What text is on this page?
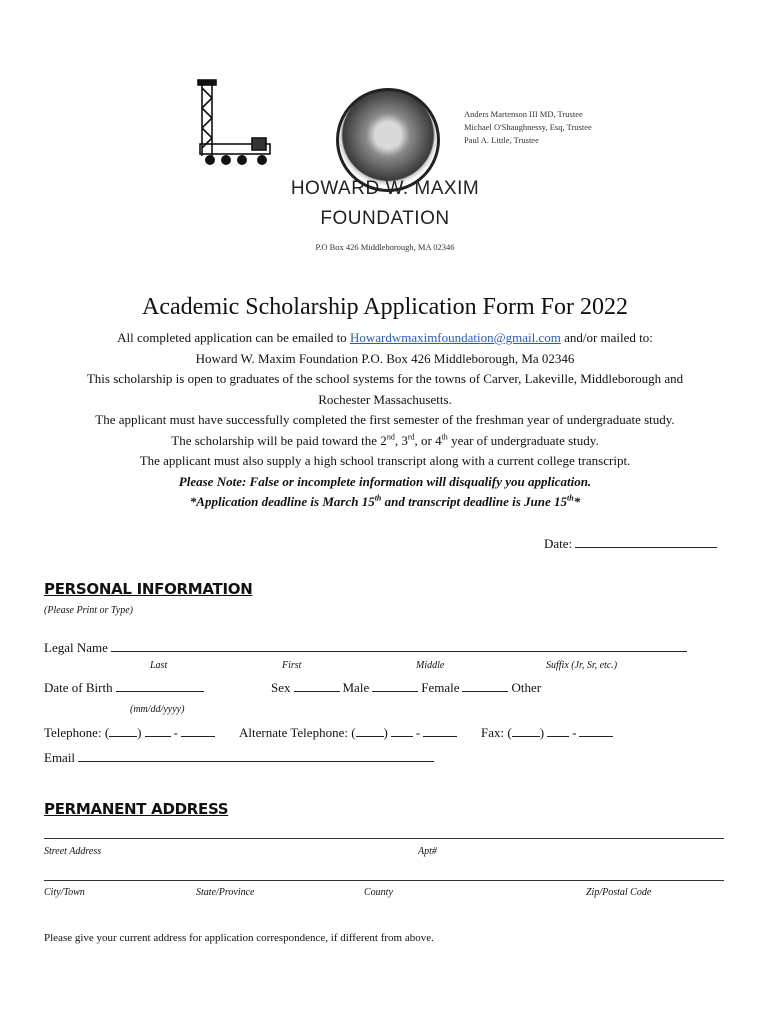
Anders Martenson III MD, Trustee
Michael O'Shaughnessy, Esq, Trustee
Paul A. Little, Trustee
HOWARD W. MAXIM
FOUNDATION
P.O Box 426 Middleborough, MA 02346
Academic Scholarship Application Form For 2022
All completed application can be emailed to Howardwmaximfoundation@gmail.com and/or mailed to:
Howard W. Maxim Foundation P.O. Box 426 Middleborough, Ma 02346
This scholarship is open to graduates of the school systems for the towns of Carver, Lakeville, Middleborough and
Rochester Massachusetts.
The applicant must have successfully completed the first semester of the freshman year of undergraduate study.
The scholarship will be paid toward the 2nd, 3rd, or 4th year of undergraduate study.
The applicant must also supply a high school transcript along with a current college transcript.
Please Note: False or incomplete information will disqualify you application.
*Application deadline is March 15th and transcript deadline is June 15th*
Date:
PERSONAL INFORMATION
(Please Print or Type)
Legal Name
Last	First	Middle	Suffix (Jr, Sr, etc.)
Date of Birth	Sex	Male	Female	Other
(mm/dd/yyyy)
Telephone: ( ) -	Alternate Telephone: ( ) -	Fax: ( ) -
Email
PERMANENT ADDRESS
Street Address	Apt#
City/Town	State/Province	County	Zip/Postal Code
Please give your current address for application correspondence, if different from above.
